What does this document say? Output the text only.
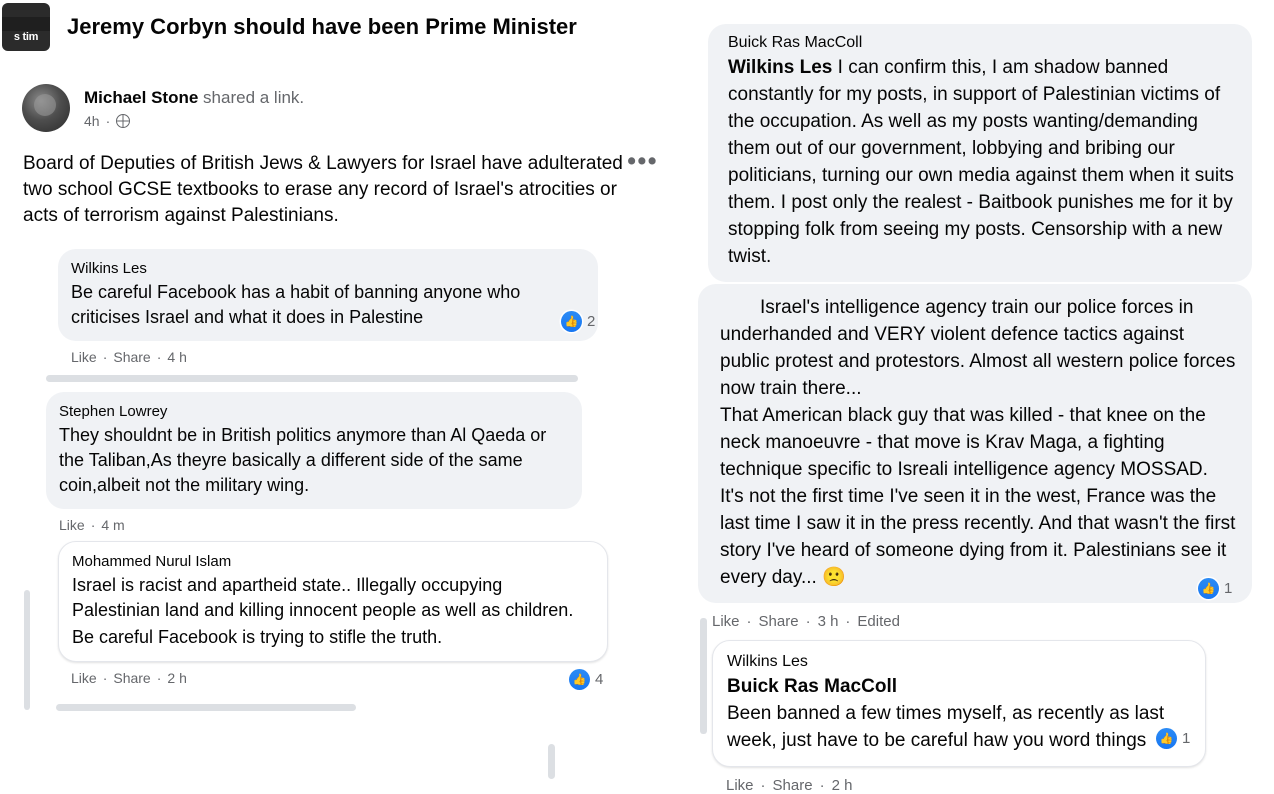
s tim Jeremy Corbyn should have been Prime Minister
Michael Stone shared a link.
4h ·
•••
Board of Deputies of British Jews & Lawyers for Israel have adulterated two school GCSE textbooks to erase any record of Israel's atrocities or acts of terrorism against Palestinians.
Wilkins Les
Be careful Facebook has a habit of banning anyone who criticises Israel and what it does in Palestine
Like · Share · 4 h
👍 2
Stephen Lowrey
They shouldnt be in British politics anymore than Al Qaeda or the Taliban,As theyre basically a different side of the same coin,albeit not the military wing.
Like · 4 m
Mohammed Nurul Islam
Israel is racist and apartheid state.. Illegally occupying Palestinian land and killing innocent people as well as children.
Be careful Facebook is trying to stifle the truth.
Like · Share · 2 h	👍 4
Buick Ras MacColl
Wilkins Les I can confirm this, I am shadow banned constantly for my posts, in support of Palestinian victims of the occupation. As well as my posts wanting/demanding them out of our government, lobbying and bribing our politicians, turning our own media against them when it suits them. I post only the realest - Baitbook punishes me for it by stopping folk from seeing my posts. Censorship with a new twist.
Israel's intelligence agency train our police forces in underhanded and VERY violent defence tactics against public protest and protestors. Almost all western police forces now train there...
That American black guy that was killed - that knee on the neck manoeuvre - that move is Krav Maga, a fighting technique specific to Isreali intelligence agency MOSSAD. It's not the first time I've seen it in the west, France was the last time I saw it in the press recently. And that wasn't the first story I've heard of someone dying from it. Palestinians see it every day... 🙁
Like · Share · 3 h · Edited
👍 1
Wilkins Les
Buick Ras MacColl
Been banned a few times myself, as recently as last week, just have to be careful haw you word things
Like · Share · 2 h
👍 1
